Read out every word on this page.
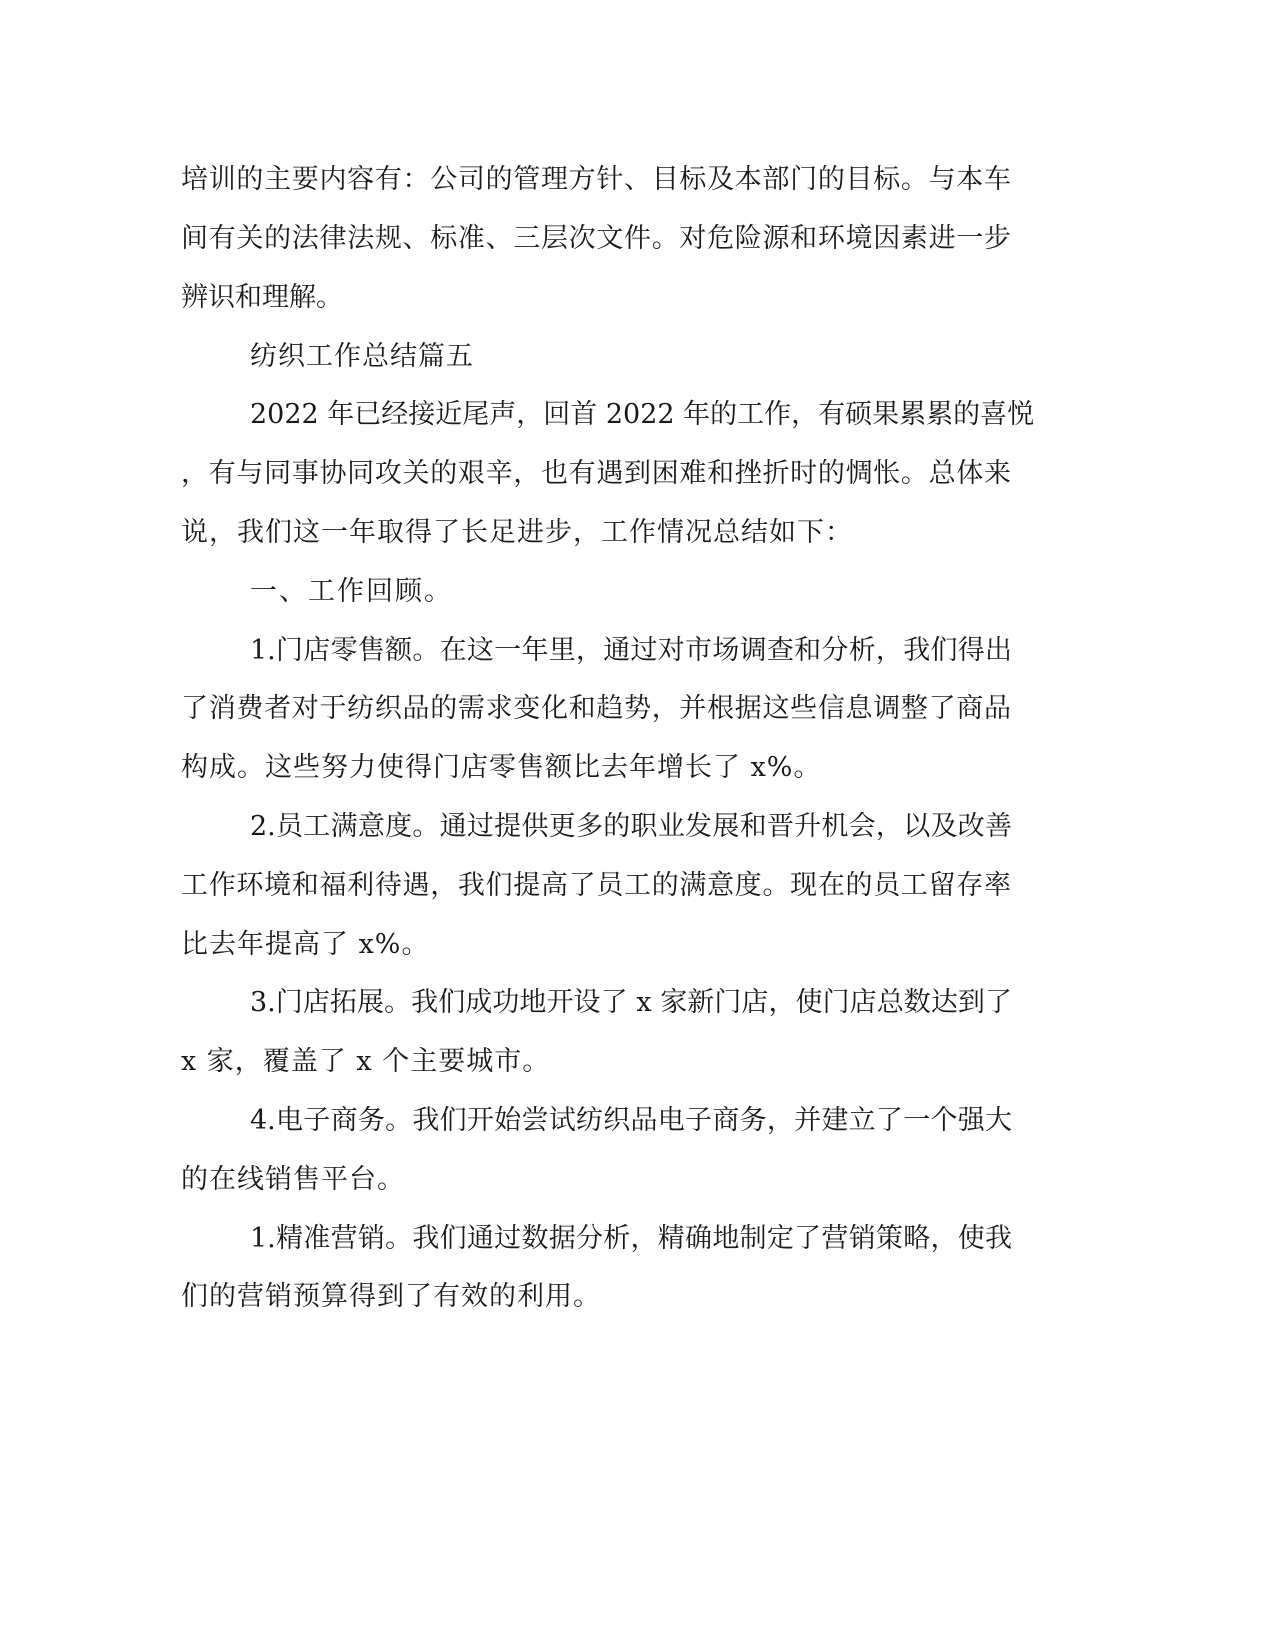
培训的主要内容有：公司的管理方针、目标及本部门的目标。与本车
间有关的法律法规、标准、三层次文件。对危险源和环境因素进一步
辨识和理解。
纺织工作总结篇五
2022 年已经接近尾声，回首 2022 年的工作，有硕果累累的喜悦
，有与同事协同攻关的艰辛，也有遇到困难和挫折时的惆怅。总体来
说，我们这一年取得了长足进步，工作情况总结如下：
一、工作回顾。
1.门店零售额。在这一年里，通过对市场调查和分析，我们得出
了消费者对于纺织品的需求变化和趋势，并根据这些信息调整了商品
构成。这些努力使得门店零售额比去年增长了 x%。
2.员工满意度。通过提供更多的职业发展和晋升机会，以及改善
工作环境和福利待遇，我们提高了员工的满意度。现在的员工留存率
比去年提高了 x%。
3.门店拓展。我们成功地开设了 x 家新门店，使门店总数达到了
x 家，覆盖了 x 个主要城市。
4.电子商务。我们开始尝试纺织品电子商务，并建立了一个强大
的在线销售平台。
1.精准营销。我们通过数据分析，精确地制定了营销策略，使我
们的营销预算得到了有效的利用。
